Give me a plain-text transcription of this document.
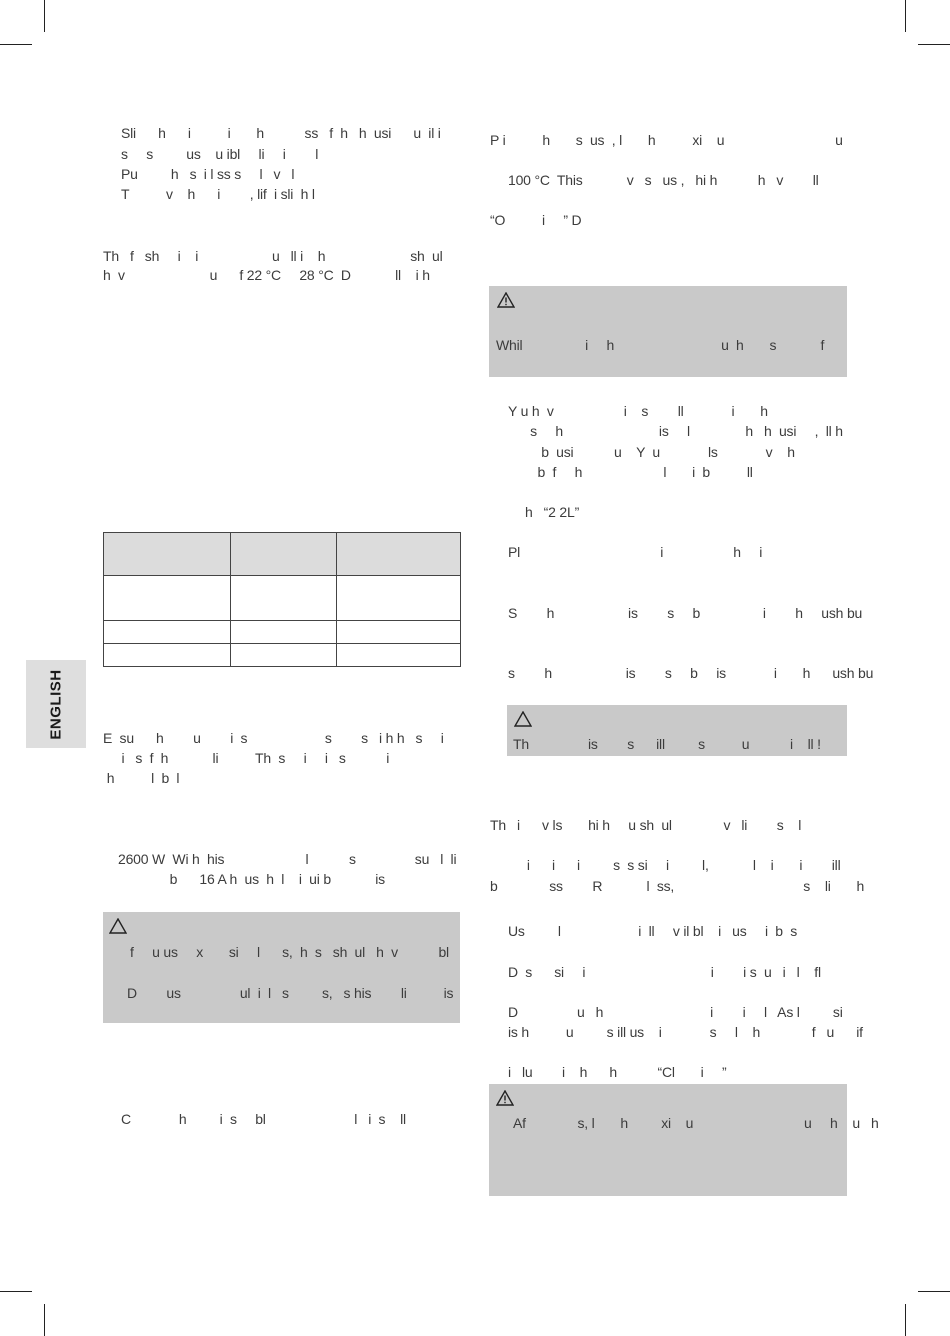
ENGLISH
Sli      h      i          i       h           ss   f  h   h  usi      u  il i
s     s         us    u ibl     li     i        l
Pu         h   s  i l ss s     l   v   l
T          v    h      i        , lif  i sli  h l
Th   f   sh     i    i                    u   ll i    h                       sh  ul
h  v                       u      f 22 °C     28 °C  D            ll    i h

E  su      h        u        i  s                     s        s   i h h   s     i
i   s  f  h            li          Th  s     i     i   s           i
h          l  b  l
2600 W  Wi h  his                      l           s                su   l  li
b      16 A h  us  h  l    i  ui b            is
f     u us     x       si     l      s,  h  s   sh  ul   h  v           bl
D        us                ul  i  l   s         s,   s his        li          is
C             h         i  s     bl                        l   i  s    ll
P i          h       s  us  , l       h          xi    u                              u
100 °C  This            v   s   us ,   hi h           h   v        ll
“O          i     ” D
Whil                 i     h                             u  h       s            f
Y u h  v                   i    s        ll             i       h
s     h                          is     l               h   h  usi     ,  ll h
b  usi           u    Y  u             ls             v    h
b  f     h                      l       i  b          ll
h   “2 2L”
Pl                                      i                   h     i
S        h                    is        s     b                 i        h     ush bu
s        h                    is        s     b     is             i       h      ush bu
Th                is        s      ill         s          u           i    ll !
Th   i      v ls       hi h     u sh  ul              v   li        s    l
i      i      i         s  s si     i         l,            l    i       i        ill
b              ss        R            l  ss,                                   s    li       h
Us         l                     i  ll     v il bl    i   us     i  b  s
D  s      si     i                                  i        i s  u   i   l    fl
D                u   h                             i        i     l   As l         si
is h          u         s ill us    i             s     l    h              f   u      if
i   lu        i    h      h           “Cl       i     ”
Af              s, l       h         xi    u                              u     h    u   h
